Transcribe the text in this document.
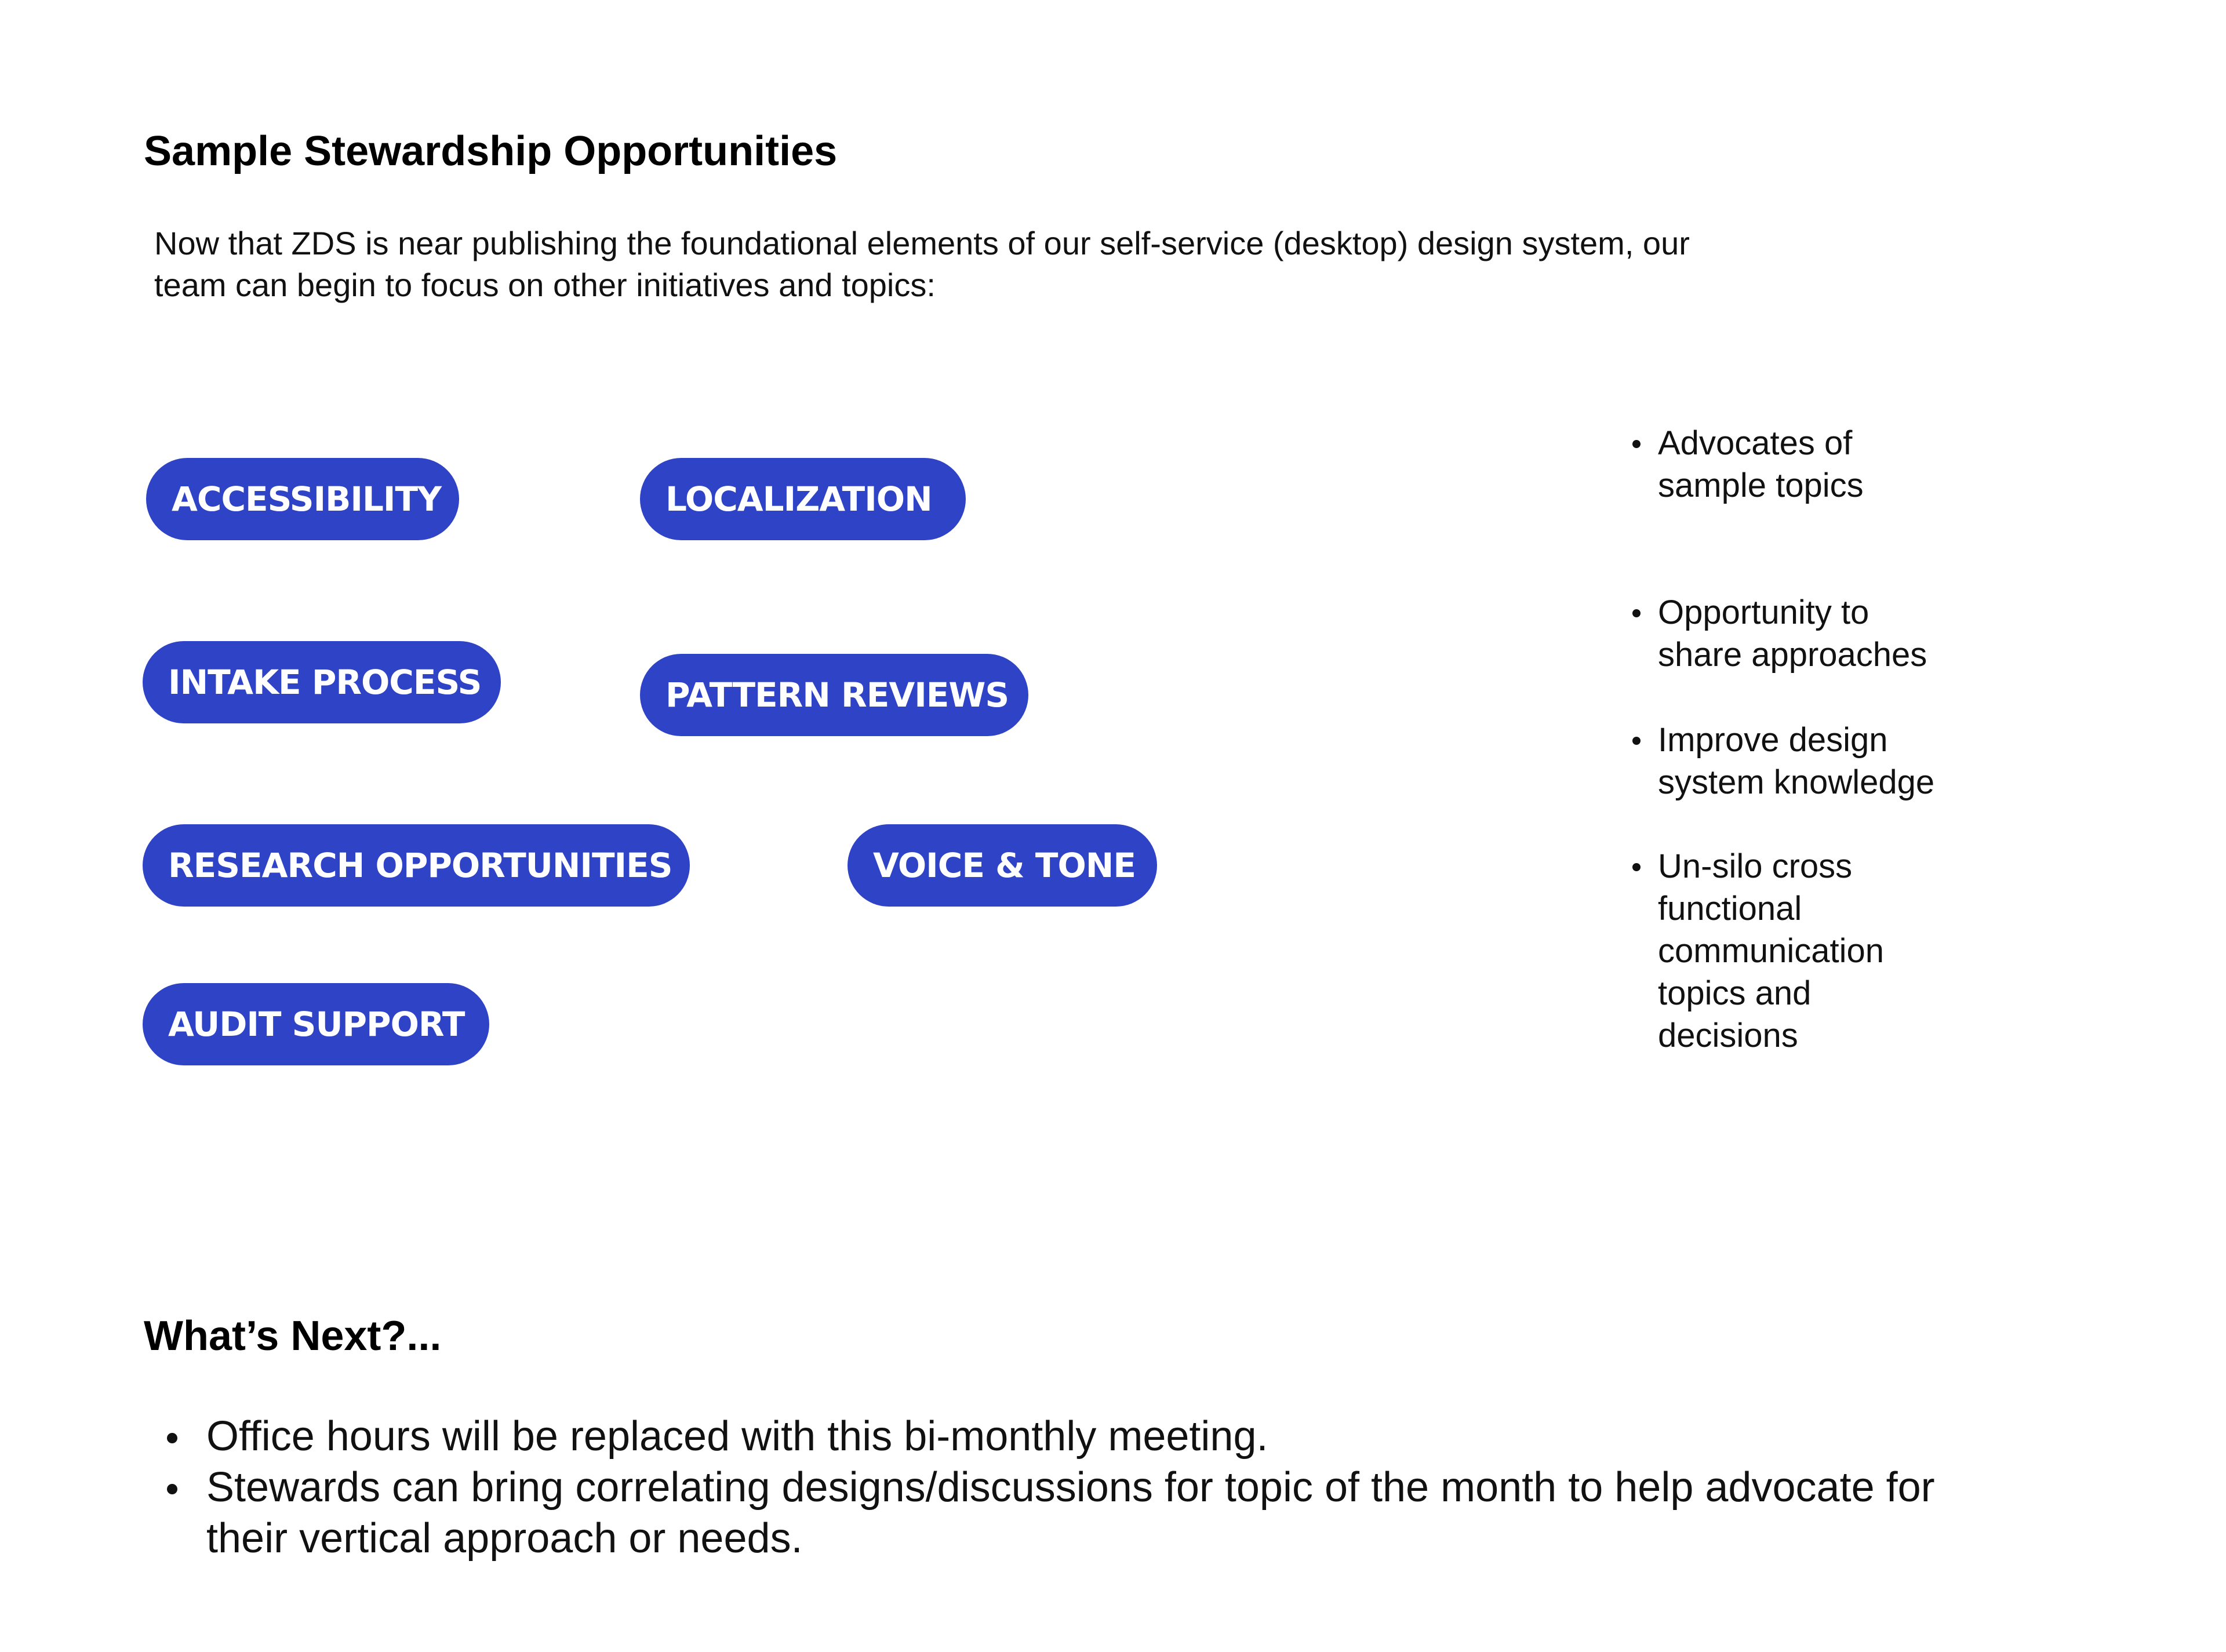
Sample Stewardship Opportunities

Now that ZDS is near publishing the foundational elements of our self-service (desktop) design system, our
team can begin to focus on other initiatives and topics:

ACCESSIBILITY	LOCALIZATION
INTAKE PROCESS	PATTERN REVIEWS
RESEARCH OPPORTUNITIES	VOICE & TONE
AUDIT SUPPORT
Advocates of
sample topics
Opportunity to
share approaches
Improve design
system knowledge
Un-silo cross
functional
communication
topics and
decisions
What’s Next?...
Office hours will be replaced with this bi-monthly meeting.
Stewards can bring correlating designs/discussions for topic of the month to help advocate for
their vertical approach or needs.
